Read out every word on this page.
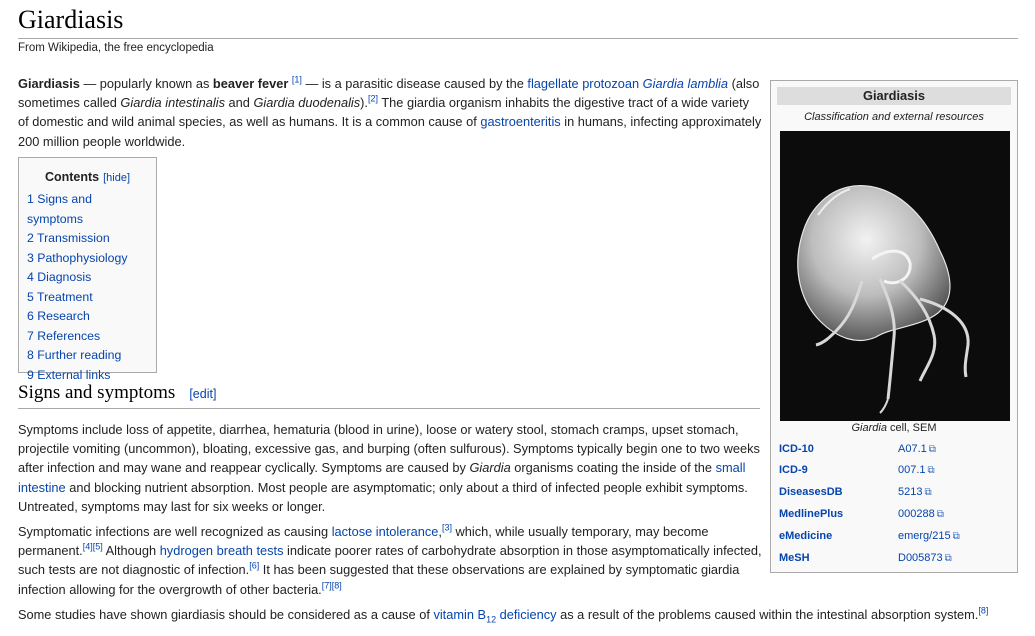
Giardiasis
From Wikipedia, the free encyclopedia

Giardiasis — popularly known as beaver fever [1] — is a parasitic disease caused by the flagellate protozoan Giardia lamblia (also sometimes called Giardia intestinalis and Giardia duodenalis).[2] The giardia organism inhabits the digestive tract of a wide variety of domestic and wild animal species, as well as humans. It is a common cause of gastroenteritis in humans, infecting approximately 200 million people worldwide.

Contents [hide]
1 Signs and symptoms
2 Transmission
3 Pathophysiology
4 Diagnosis
5 Treatment
6 Research
7 References
8 Further reading
9 External links
Signs and symptoms [edit]

Symptoms include loss of appetite, diarrhea, hematuria (blood in urine), loose or watery stool, stomach cramps, upset stomach, projectile vomiting (uncommon), bloating, excessive gas, and burping (often sulfurous). Symptoms typically begin one to two weeks after infection and may wane and reappear cyclically. Symptoms are caused by Giardia organisms coating the inside of the small intestine and blocking nutrient absorption. Most people are asymptomatic; only about a third of infected people exhibit symptoms. Untreated, symptoms may last for six weeks or longer.

Symptomatic infections are well recognized as causing lactose intolerance,[3] which, while usually temporary, may become permanent.[4][5] Although hydrogen breath tests indicate poorer rates of carbohydrate absorption in those asymptomatically infected, such tests are not diagnostic of infection.[6] It has been suggested that these observations are explained by symptomatic giardia infection allowing for the overgrowth of other bacteria.[7][8]

Some studies have shown giardiasis should be considered as a cause of vitamin $B_{12}$ deficiency as a result of the problems caused within the intestinal absorption system.[8]

Giardiasis
Classification and external resources
Giardia cell, SEM
ICD-10	A07.1 ⧉
ICD-9	007.1 ⧉
DiseasesDB	5213 ⧉
MedlinePlus	000288 ⧉
eMedicine	emerg/215 ⧉
MeSH	D005873 ⧉
